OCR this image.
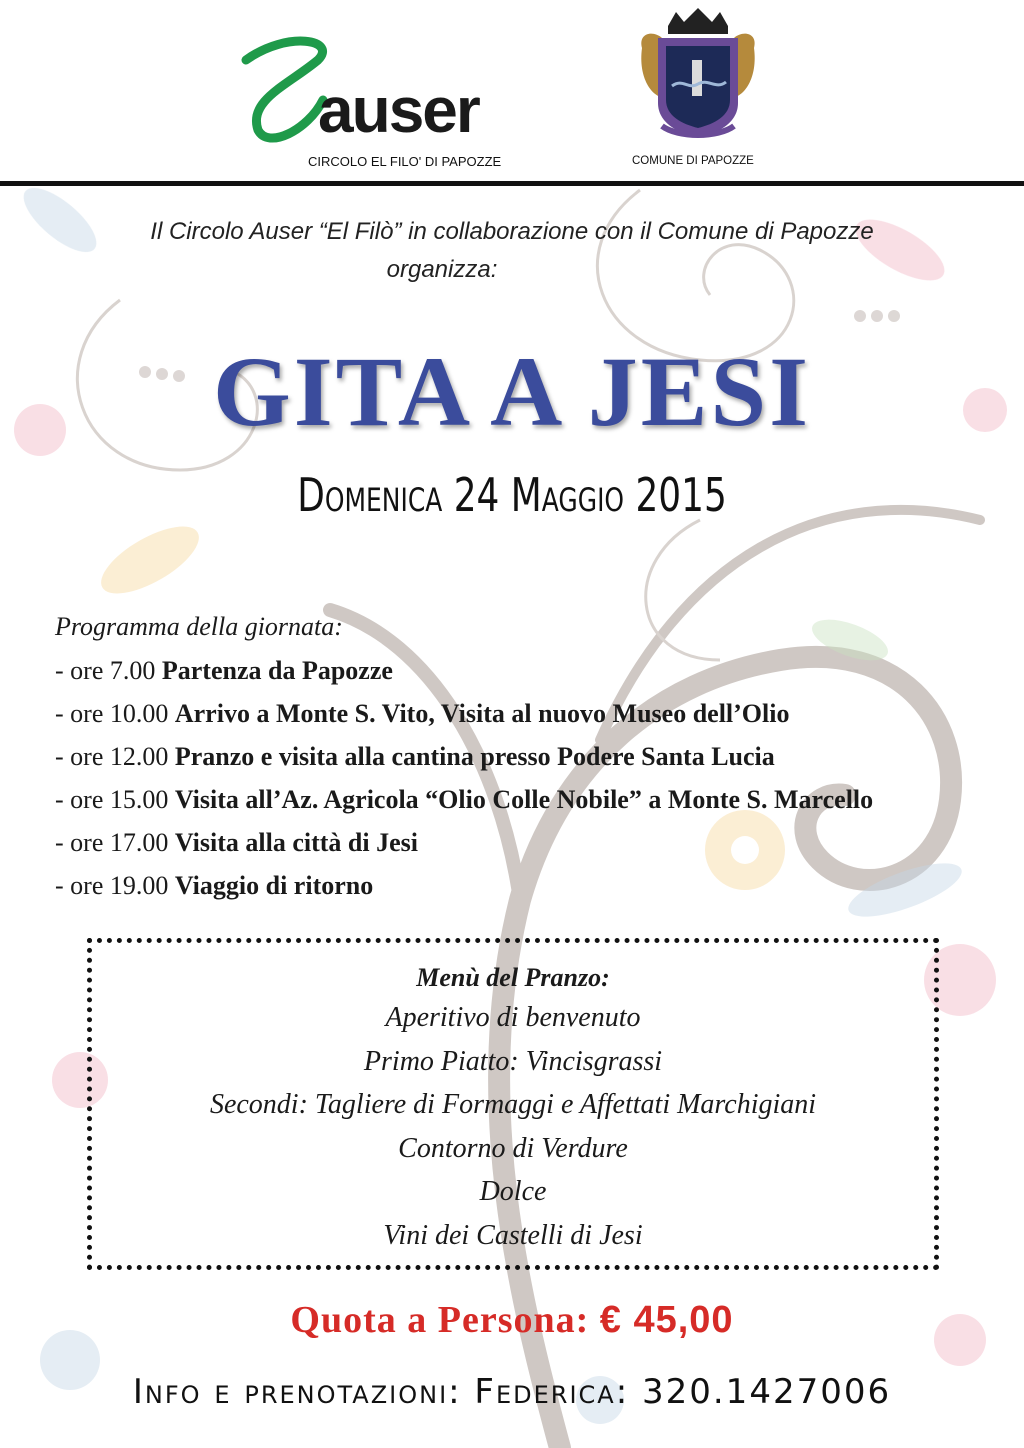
auser
CIRCOLO EL FILO' DI PAPOZZE	COMUNE DI PAPOZZE
Il Circolo Auser “El Filò” in collaborazione con il Comune di Papozze
organizza:
GITA A JESI
Domenica 24 Maggio 2015
Programma della giornata:
- ore 7.00 Partenza da Papozze
- ore 10.00 Arrivo a Monte S. Vito, Visita al nuovo Museo dell’Olio
- ore 12.00 Pranzo e visita alla cantina presso Podere Santa Lucia
- ore 15.00 Visita all’Az. Agricola “Olio Colle Nobile” a Monte S. Marcello
- ore 17.00 Visita alla città di Jesi
- ore 19.00 Viaggio di ritorno
Menù del Pranzo:
Aperitivo di benvenuto
Primo Piatto: Vincisgrassi
Secondi: Tagliere di Formaggi e Affettati Marchigiani
Contorno di Verdure
Dolce
Vini dei Castelli di Jesi
Quota a Persona: € 45,00
Info e prenotazioni: Federica: 320.1427006
